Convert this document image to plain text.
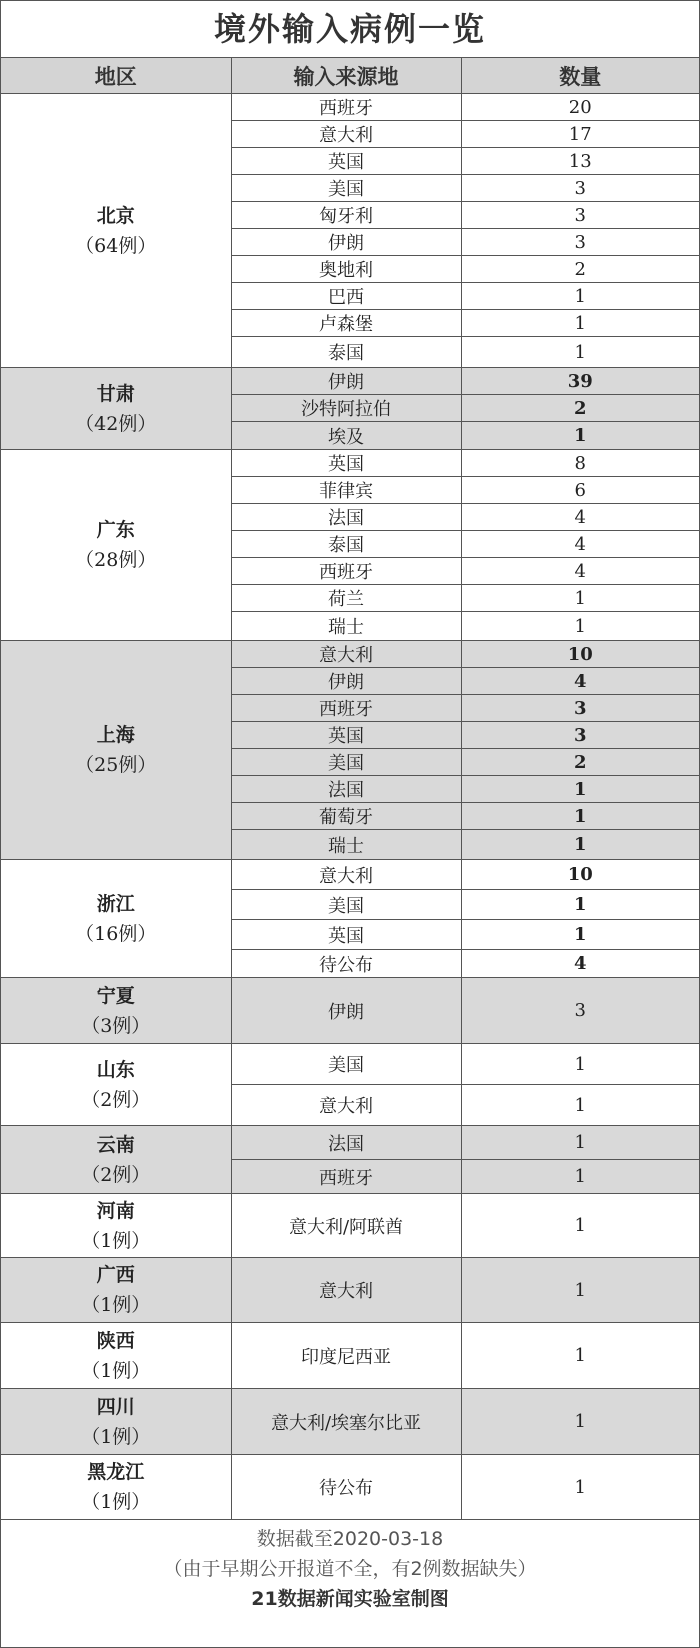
境外输入病例一览
地区	输入来源地	数量

北京
（64例）	西班牙	20
	意大利	17
	英国	13
	美国	3
	匈牙利	3
	伊朗	3
	奥地利	2
	巴西	1
	卢森堡	1
	泰国	1

甘肃
（42例）	伊朗	39
	沙特阿拉伯	2
	埃及	1

广东
（28例）	英国	8
	菲律宾	6
	法国	4
	泰国	4
	西班牙	4
	荷兰	1
	瑞士	1

上海
（25例）	意大利	10
	伊朗	4
	西班牙	3
	英国	3
	美国	2
	法国	1
	葡萄牙	1
	瑞士	1

浙江
（16例）	意大利	10
	美国	1
	英国	1
	待公布	4

宁夏
（3例）	伊朗	3

山东
（2例）	美国	1
	意大利	1

云南
（2例）	法国	1
	西班牙	1

河南
（1例）	意大利/阿联酋	1

广西
（1例）	意大利	1

陕西
（1例）	印度尼西亚	1

四川
（1例）	意大利/埃塞尔比亚	1

黑龙江
（1例）	待公布	1
数据截至2020-03-18
（由于早期公开报道不全，有2例数据缺失）
21数据新闻实验室制图
